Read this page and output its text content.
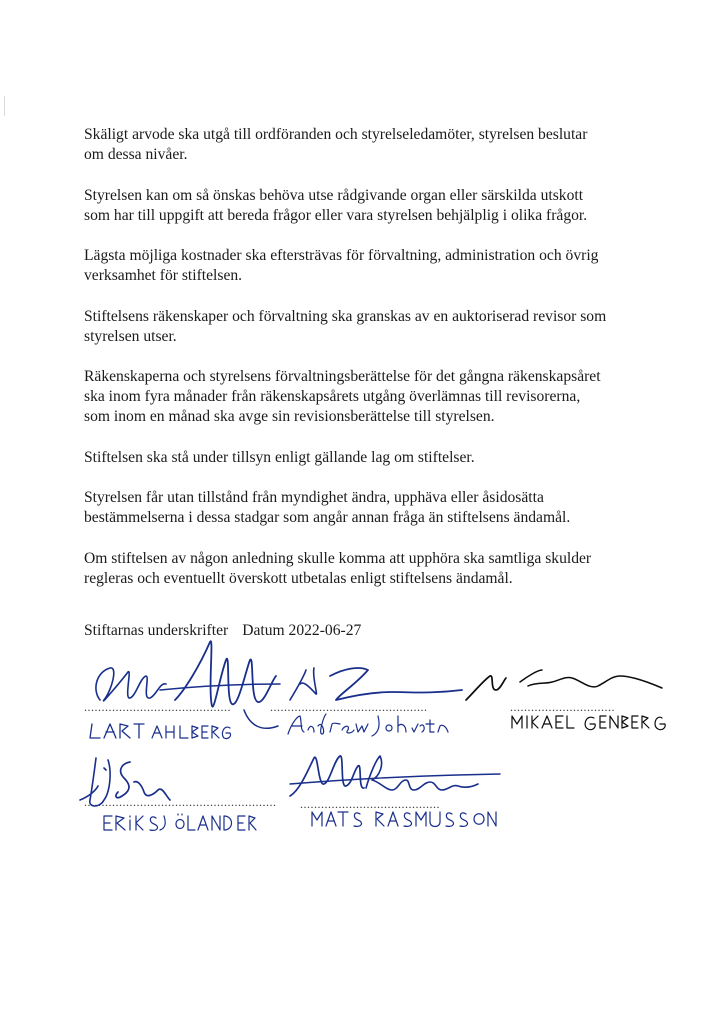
Skäligt arvode ska utgå till ordföranden och styrelseledamöter, styrelsen beslutar
om dessa nivåer.

Styrelsen kan om så önskas behöva utse rådgivande organ eller särskilda utskott
som har till uppgift att bereda frågor eller vara styrelsen behjälplig i olika frågor.

Lägsta möjliga kostnader ska eftersträvas för förvaltning, administration och övrig
verksamhet för stiftelsen.

Stiftelsens räkenskaper och förvaltning ska granskas av en auktoriserad revisor som
styrelsen utser.

Räkenskaperna och styrelsens förvaltningsberättelse för det gångna räkenskapsåret
ska inom fyra månader från räkenskapsårets utgång överlämnas till revisorerna,
som inom en månad ska avge sin revisionsberättelse till styrelsen.

Stiftelsen ska stå under tillsyn enligt gällande lag om stiftelser.

Styrelsen får utan tillstånd från myndighet ändra, upphäva eller åsidosätta
bestämmelserna i dessa stadgar som angår annan fråga än stiftelsens ändamål.

Om stiftelsen av någon anledning skulle komma att upphöra ska samtliga skulder
regleras och eventuellt överskott utbetalas enligt stiftelsens ändamål.

Stiftarnas underskrifter Datum 2022-06-27
..........................................	.............................................	..............................
....................................................... ........................................
